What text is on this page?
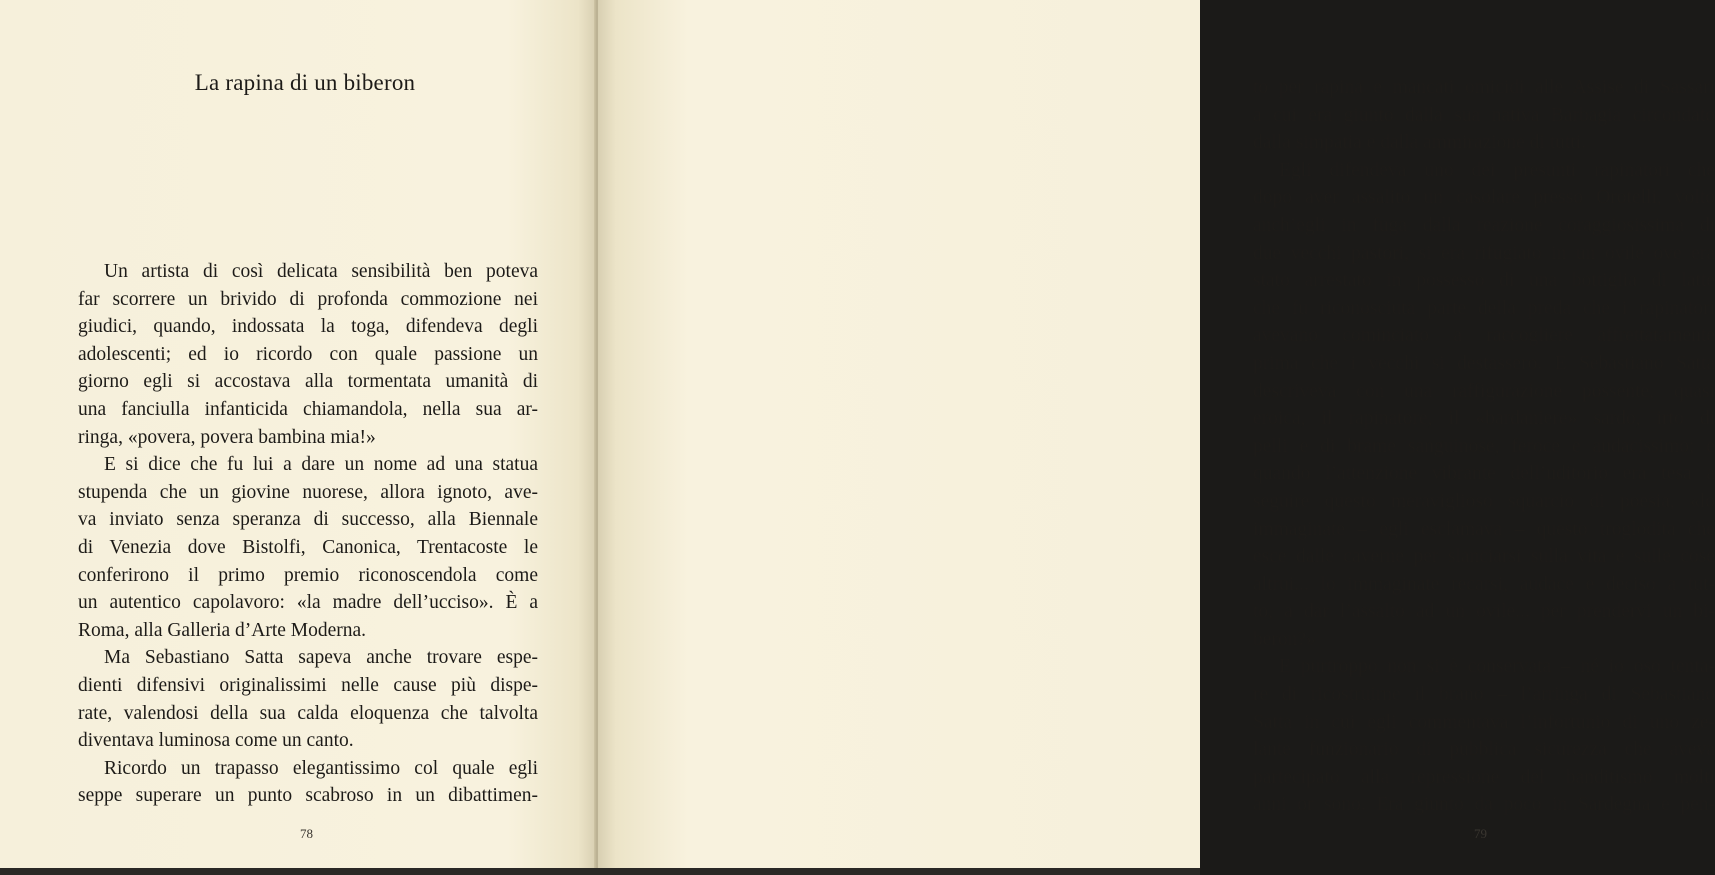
La rapina di un biberon
Un artista di così delicata sensibilità ben poteva
far scorrere un brivido di profonda commozione nei
giudici, quando, indossata la toga, difendeva degli
adolescenti; ed io ricordo con quale passione un
giorno egli si accostava alla tormentata umanità di
una fanciulla infanticida chiamandola, nella sua ar-
ringa, «povera, povera bambina mia!»
E si dice che fu lui a dare un nome ad una statua
stupenda che un giovine nuorese, allora ignoto, ave-
va inviato senza speranza di successo, alla Biennale
di Venezia dove Bistolfi, Canonica, Trentacoste le
conferirono il primo premio riconoscendola come
un autentico capolavoro: «la madre dell’ucciso». È a
Roma, alla Galleria d’Arte Moderna.
Ma Sebastiano Satta sapeva anche trovare espe-
dienti difensivi originalissimi nelle cause più dispe-
rate, valendosi della sua calda eloquenza che talvolta
diventava luminosa come un canto.
Ricordo un trapasso elegantissimo col quale egli
seppe superare un punto scabroso in un dibattimen-
78
to per rapina e mancati omicidi alle Assise di Sassari
a cui era giunto dalla sua nativa Barbagia circondato
dalla simpatia e dalla ammirazione di tutti.
Egli difendeva uno dei presunti rapinatori che
dopo aver assalito un casolare presso Orotelli, volto
anch’egli in fuga dalla reazione coraggiosissima di
due vecchi pastori, si era rifugiato in un ovile ove era
stato arrestato in possesso di una bottiglia di latte
che fu riconosciuta parte della preda che i rapinatori
avevano cominciato a raccogliere affrettatamente
prima che i vecchi si destassero. E Sebastiano Satta
descriveva con una raffigurazione possente, quasi
eroica, il rapinatore, il «bardaniere» sardo, irto di
pelli e di brame sanguinose, feroce e audacissimo; e
quando l’attenzione vibrante dell’uditorio era tesa a
seguire questo meraviglioso squarcio di poesia, «lo
immaginate – egli esclamava – questo troglodita che
esce dalle caverne per slanciarsi sulla vita e sulle cose
altrui... lo immaginate recarsi, audace e deciso a tut-
to, a dar l’assalto ad un ovile... per prendervi un bi-
beron?»
E purtroppo non si è conservata – né io oso tenta-
re di ricostruirne il brano – l’arringa di Sebastiano
Satta in cui egli commentava l’infortunio di uno ze-
lante funzionario di pubblica sicurezza che aveva
partecipato alla repressione del banditismo molti
anni or sono. Era giunto da poco in Sardegna e pen-
79
